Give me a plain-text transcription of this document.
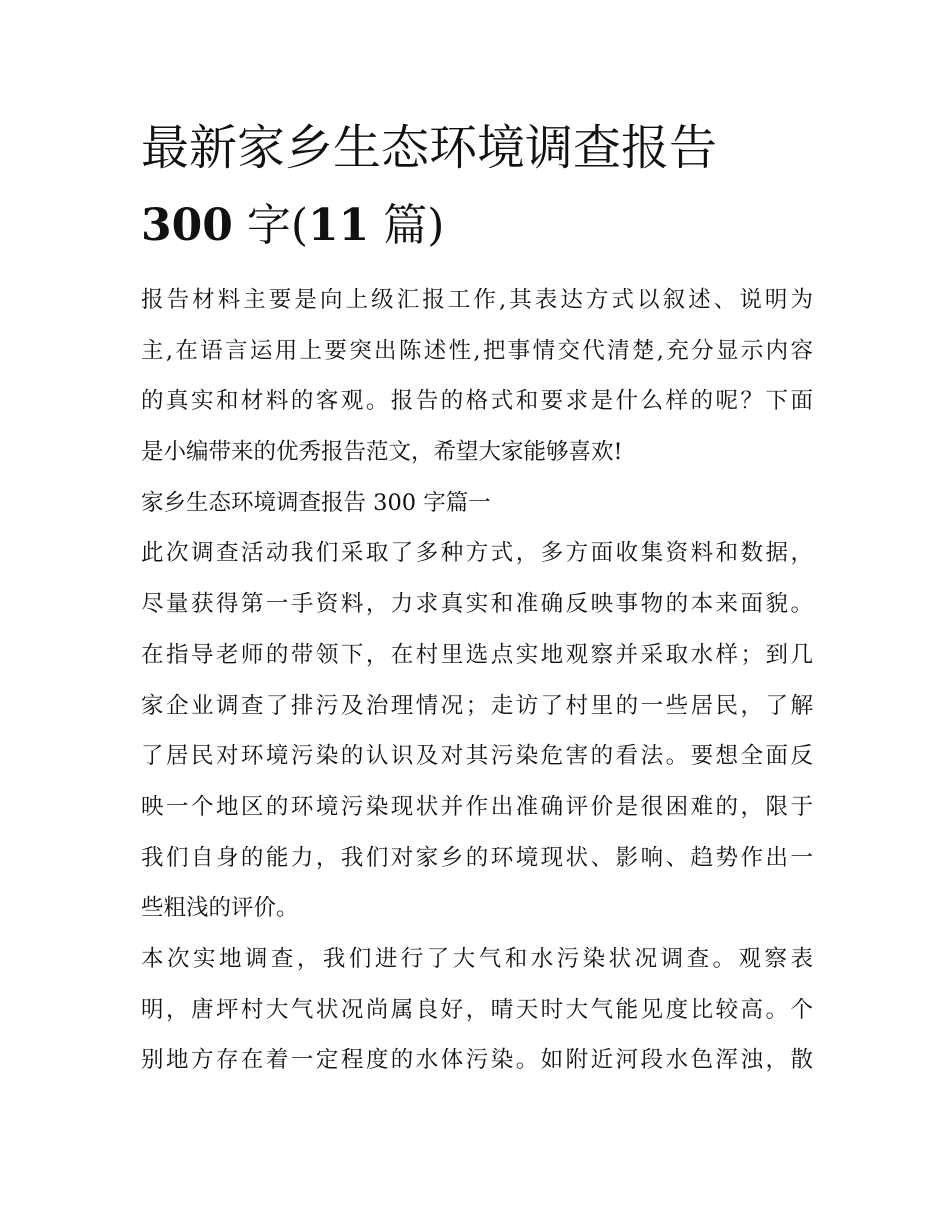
最新家乡生态环境调查报告
300 字(11 篇)
报告材料主要是向上级汇报工作,其表达方式以叙述、说明为
主,在语言运用上要突出陈述性,把事情交代清楚,充分显示内容
的真实和材料的客观。报告的格式和要求是什么样的呢？下面
是小编带来的优秀报告范文，希望大家能够喜欢!
家乡生态环境调查报告 300 字篇一
此次调查活动我们采取了多种方式，多方面收集资料和数据，
尽量获得第一手资料，力求真实和准确反映事物的本来面貌。
在指导老师的带领下，在村里选点实地观察并采取水样；到几
家企业调查了排污及治理情况；走访了村里的一些居民，了解
了居民对环境污染的认识及对其污染危害的看法。要想全面反
映一个地区的环境污染现状并作出准确评价是很困难的，限于
我们自身的能力，我们对家乡的环境现状、影响、趋势作出一
些粗浅的评价。
本次实地调查，我们进行了大气和水污染状况调查。观察表
明，唐坪村大气状况尚属良好，晴天时大气能见度比较高。个
别地方存在着一定程度的水体污染。如附近河段水色浑浊，散
